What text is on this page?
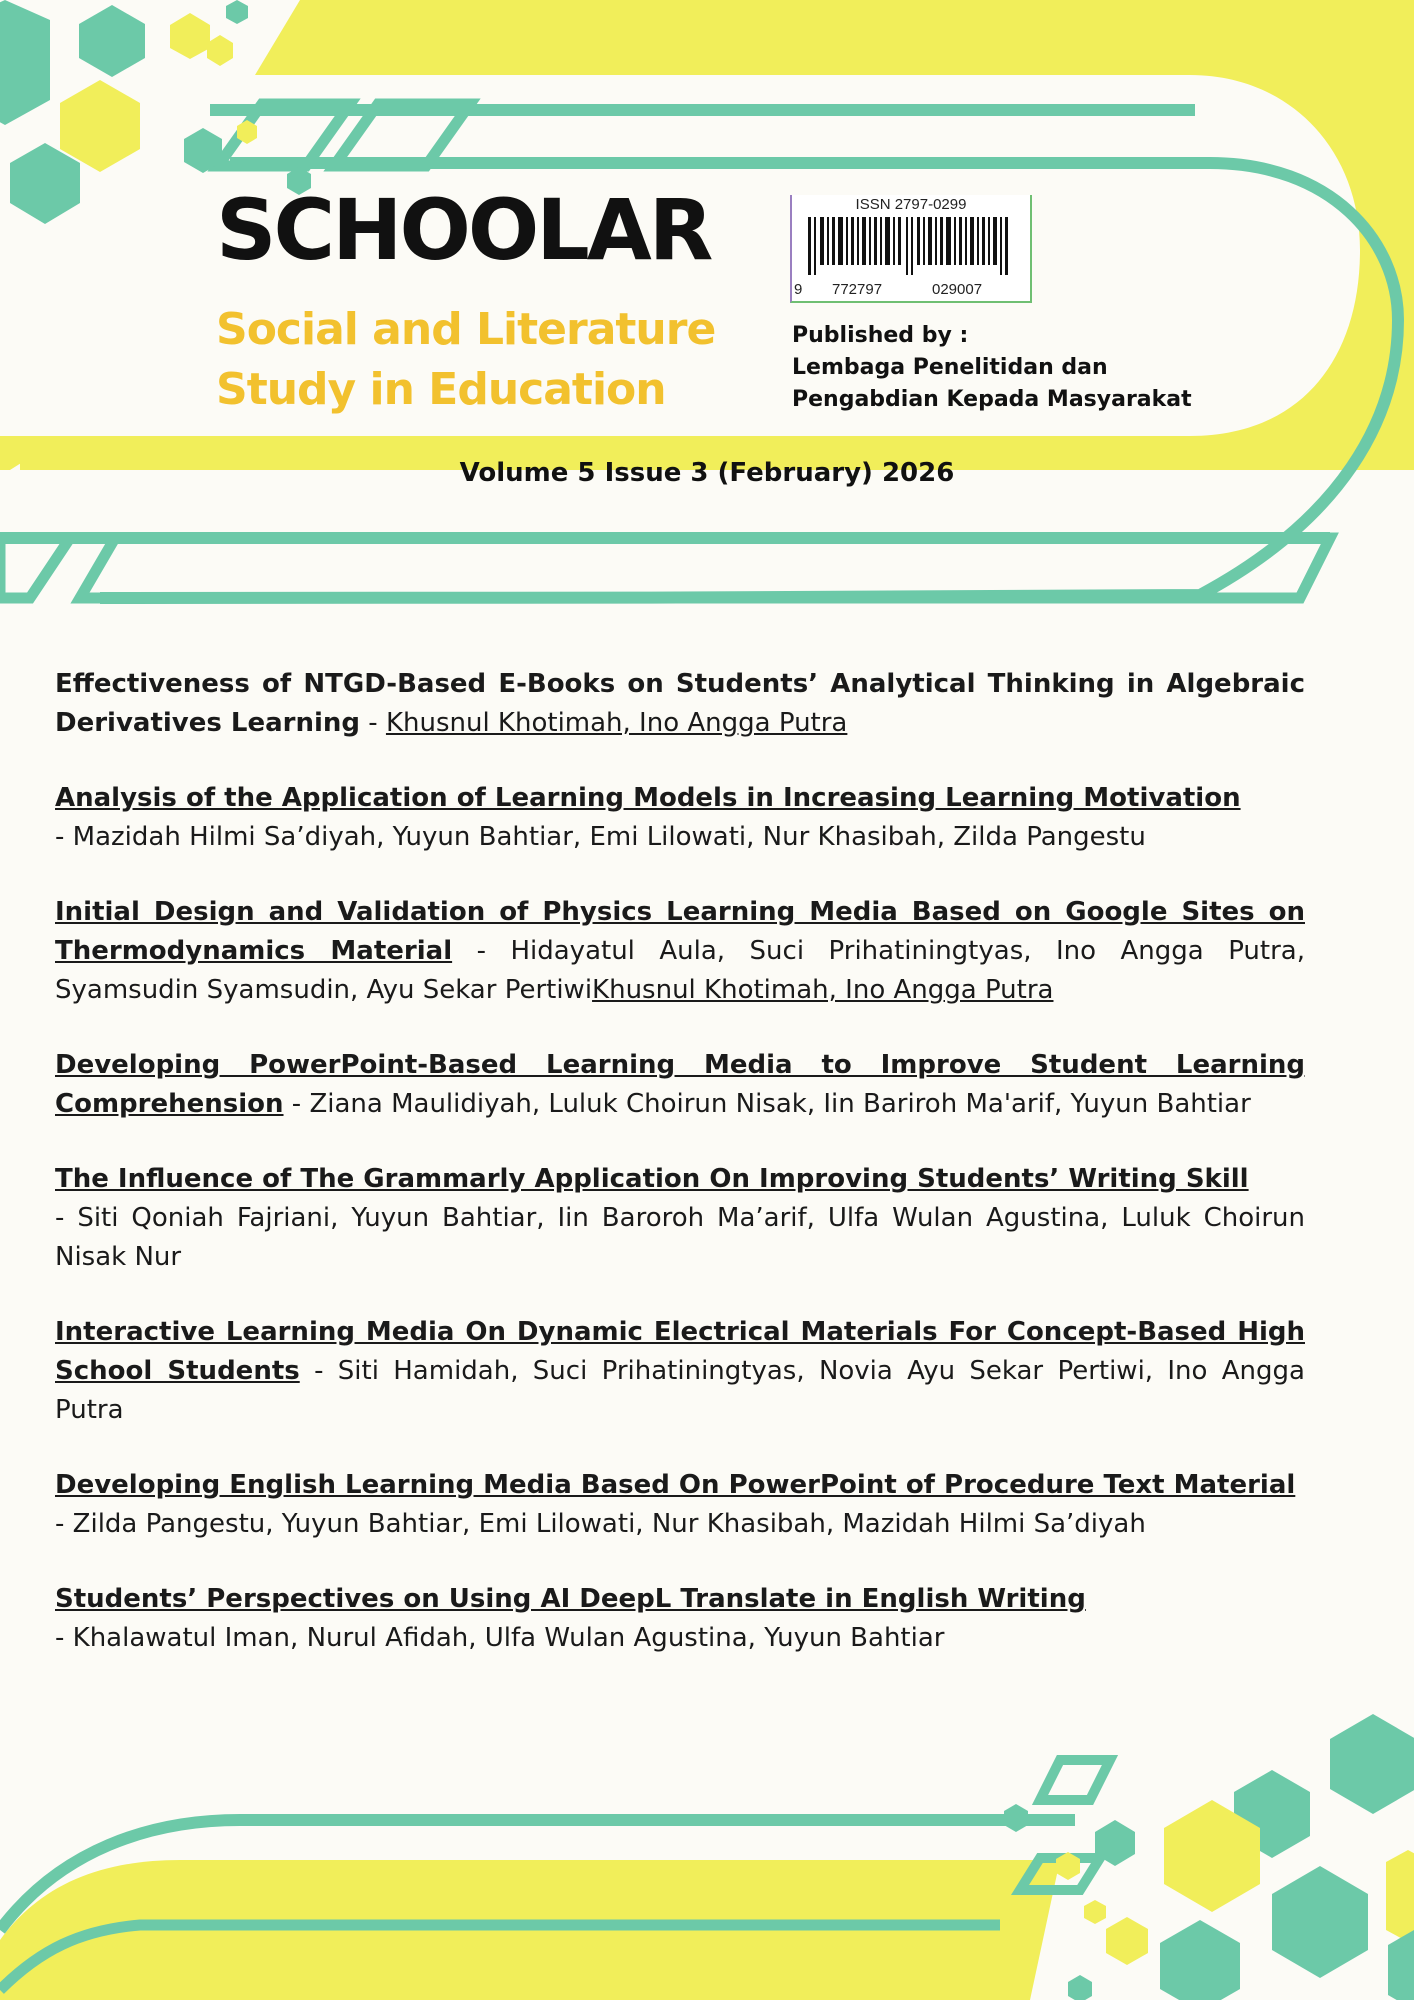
SCHOOLAR
Social and Literature
Study in Education
ISSN 2797-0299
9 772797	029007
Published by :
Lembaga Penelitidan dan
Pengabdian Kepada Masyarakat
Volume 5 Issue 3 (February) 2026

Effectiveness of NTGD-Based E-Books on Students’ Analytical Thinking in Algebraic Derivatives Learning - Khusnul Khotimah, Ino Angga Putra

Analysis of the Application of Learning Models in Increasing Learning Motivation
- Mazidah Hilmi Sa’diyah, Yuyun Bahtiar, Emi Lilowati, Nur Khasibah, Zilda Pangestu

Initial Design and Validation of Physics Learning Media Based on Google Sites on Thermodynamics Material - Hidayatul Aula, Suci Prihatiningtyas, Ino Angga Putra, Syamsudin Syamsudin, Ayu Sekar PertiwiKhusnul Khotimah, Ino Angga Putra

Developing PowerPoint-Based Learning Media to Improve Student Learning Comprehension - Ziana Maulidiyah, Luluk Choirun Nisak, Iin Bariroh Ma'arif, Yuyun Bahtiar

The Influence of The Grammarly Application On Improving Students’ Writing Skill
- Siti Qoniah Fajriani, Yuyun Bahtiar, Iin Baroroh Ma’arif, Ulfa Wulan Agustina, Luluk Choirun Nisak Nur

Interactive Learning Media On Dynamic Electrical Materials For Concept-Based High School Students - Siti Hamidah, Suci Prihatiningtyas, Novia Ayu Sekar Pertiwi, Ino Angga Putra

Developing English Learning Media Based On PowerPoint of Procedure Text Material
- Zilda Pangestu, Yuyun Bahtiar, Emi Lilowati, Nur Khasibah, Mazidah Hilmi Sa’diyah

Students’ Perspectives on Using AI DeepL Translate in English Writing
- Khalawatul Iman, Nurul Afidah, Ulfa Wulan Agustina, Yuyun Bahtiar
